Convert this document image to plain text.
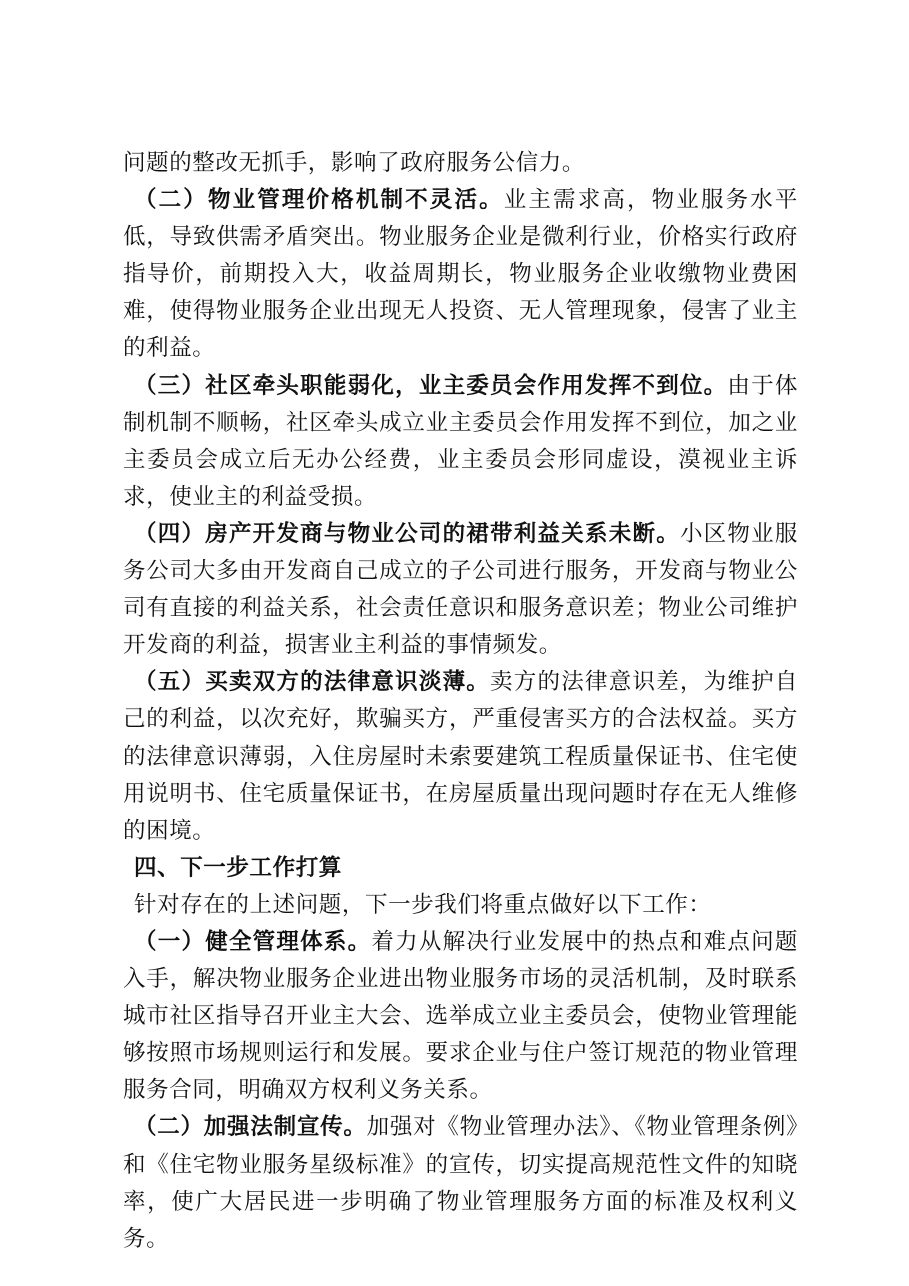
问题的整改无抓手，影响了政府服务公信力。

（二）物业管理价格机制不灵活。业主需求高，物业服务水平低，导致供需矛盾突出。物业服务企业是微利行业，价格实行政府指导价，前期投入大，收益周期长，物业服务企业收缴物业费困难，使得物业服务企业出现无人投资、无人管理现象，侵害了业主的利益。

（三）社区牵头职能弱化，业主委员会作用发挥不到位。由于体制机制不顺畅，社区牵头成立业主委员会作用发挥不到位，加之业主委员会成立后无办公经费，业主委员会形同虚设，漠视业主诉求，使业主的利益受损。

（四）房产开发商与物业公司的裙带利益关系未断。小区物业服务公司大多由开发商自己成立的子公司进行服务，开发商与物业公司有直接的利益关系，社会责任意识和服务意识差；物业公司维护开发商的利益，损害业主利益的事情频发。

（五）买卖双方的法律意识淡薄。卖方的法律意识差，为维护自己的利益，以次充好，欺骗买方，严重侵害买方的合法权益。买方的法律意识薄弱，入住房屋时未索要建筑工程质量保证书、住宅使用说明书、住宅质量保证书，在房屋质量出现问题时存在无人维修的困境。

四、下一步工作打算

针对存在的上述问题，下一步我们将重点做好以下工作：

（一）健全管理体系。着力从解决行业发展中的热点和难点问题入手，解决物业服务企业进出物业服务市场的灵活机制，及时联系城市社区指导召开业主大会、选举成立业主委员会，使物业管理能够按照市场规则运行和发展。要求企业与住户签订规范的物业管理服务合同，明确双方权利义务关系。

（二）加强法制宣传。加强对《物业管理办法》、《物业管理条例》和《住宅物业服务星级标准》的宣传，切实提高规范性文件的知晓率，使广大居民进一步明确了物业管理服务方面的标准及权利义务。
